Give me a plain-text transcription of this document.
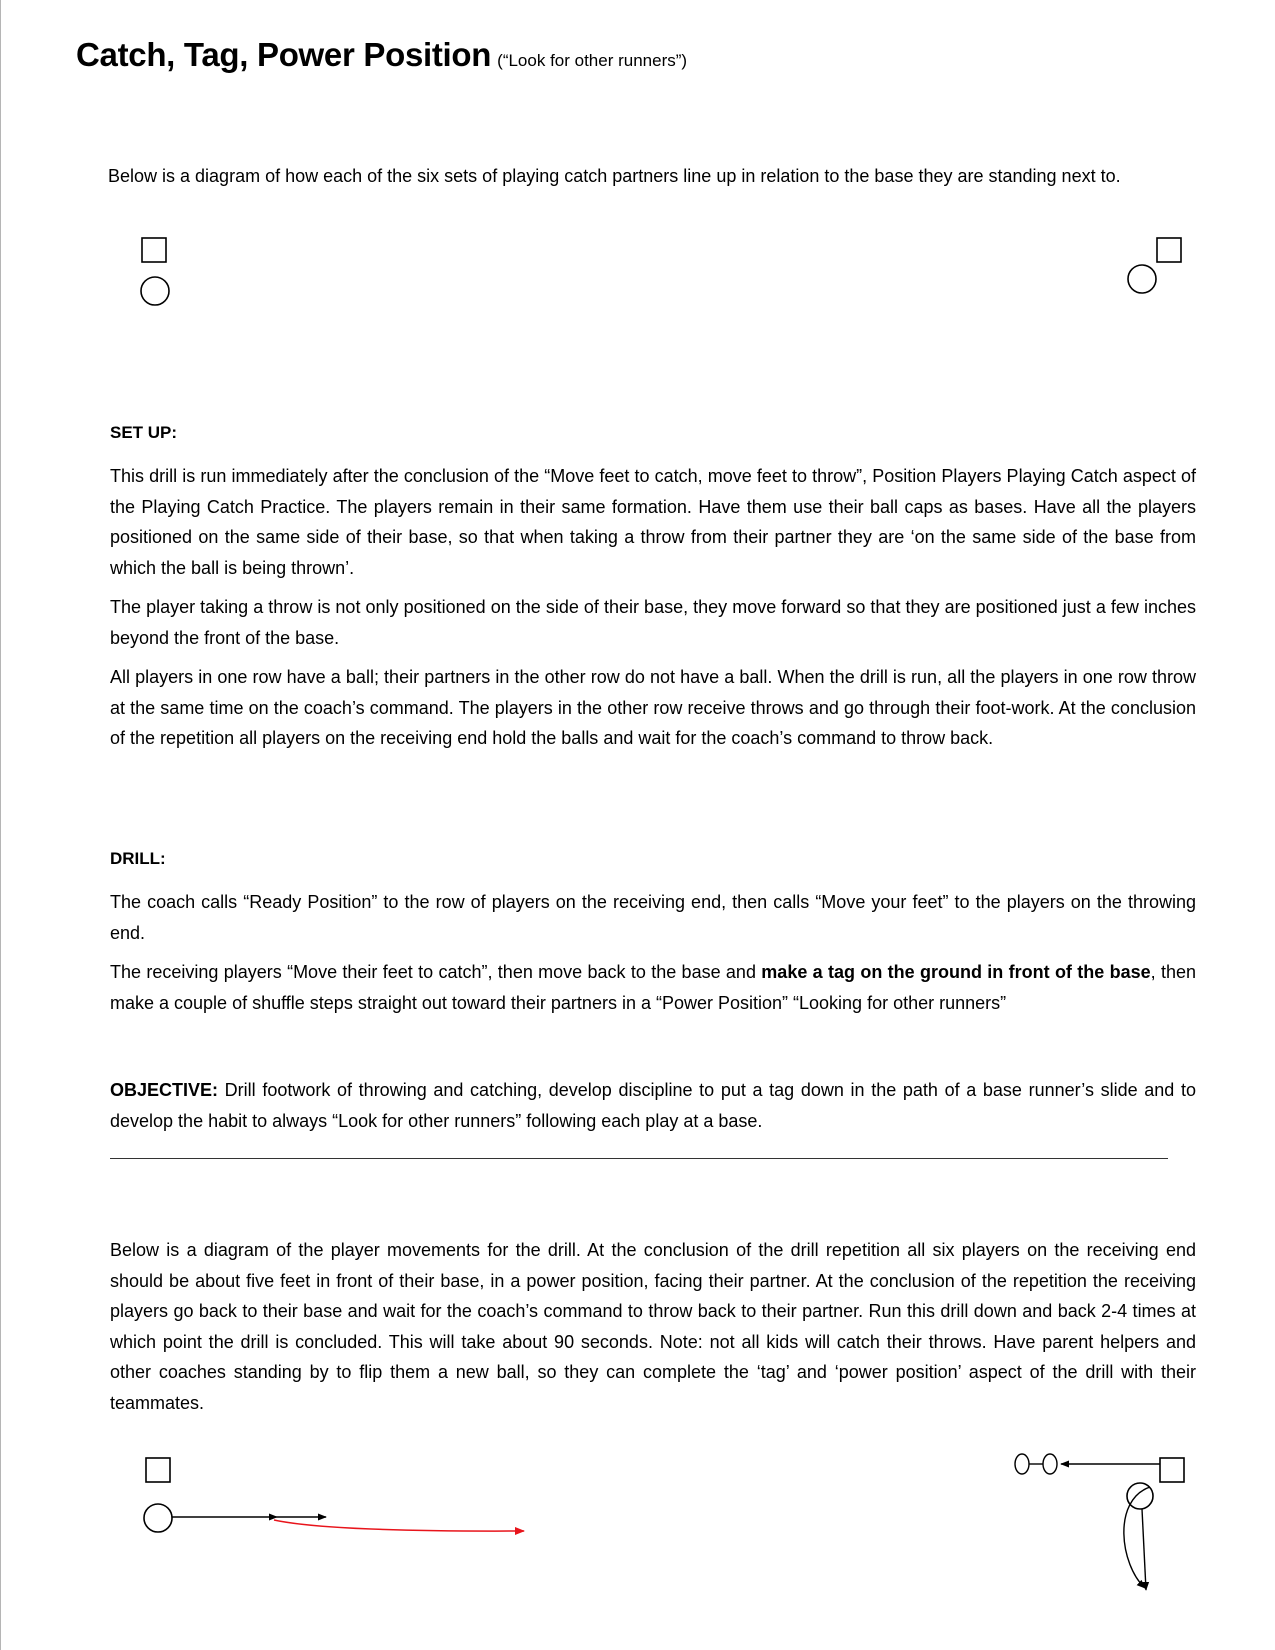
Catch, Tag, Power Position (“Look for other runners”)
Below is a diagram of how each of the six sets of playing catch partners line up in relation to the base they are standing next to.
SET UP:

This drill is run immediately after the conclusion of the “Move feet to catch, move feet to throw”, Position Players Playing Catch aspect of the Playing Catch Practice. The players remain in their same formation. Have them use their ball caps as bases. Have all the players positioned on the same side of their base, so that when taking a throw from their partner they are ‘on the same side of the base from which the ball is being thrown’.

The player taking a throw is not only positioned on the side of their base, they move forward so that they are positioned just a few inches beyond the front of the base.

All players in one row have a ball; their partners in the other row do not have a ball. When the drill is run, all the players in one row throw at the same time on the coach’s command. The players in the other row receive throws and go through their foot-work. At the conclusion of the repetition all players on the receiving end hold the balls and wait for the coach’s command to throw back.

DRILL:

The coach calls “Ready Position” to the row of players on the receiving end, then calls “Move your feet” to the players on the throwing end.

The receiving players “Move their feet to catch”, then move back to the base and make a tag on the ground in front of the base, then make a couple of shuffle steps straight out toward their partners in a “Power Position” “Looking for other runners”

OBJECTIVE: Drill footwork of throwing and catching, develop discipline to put a tag down in the path of a base runner’s slide and to develop the habit to always “Look for other runners” following each play at a base.

Below is a diagram of the player movements for the drill. At the conclusion of the drill repetition all six players on the receiving end should be about five feet in front of their base, in a power position, facing their partner. At the conclusion of the repetition the receiving players go back to their base and wait for the coach’s command to throw back to their partner. Run this drill down and back 2-4 times at which point the drill is concluded. This will take about 90 seconds. Note: not all kids will catch their throws. Have parent helpers and other coaches standing by to flip them a new ball, so they can complete the ‘tag’ and ‘power position’ aspect of the drill with their teammates.
